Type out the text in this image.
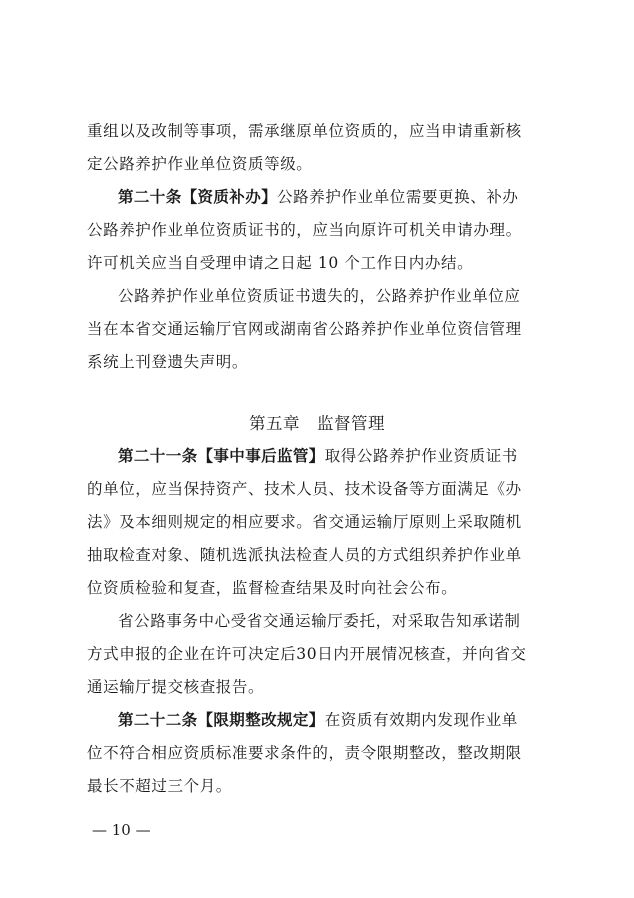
重组以及改制等事项，需承继原单位资质的，应当申请重新核
定公路养护作业单位资质等级。
第二十条【资质补办】公路养护作业单位需要更换、补办
公路养护作业单位资质证书的，应当向原许可机关申请办理。
许可机关应当自受理申请之日起 10 个工作日内办结。
公路养护作业单位资质证书遗失的，公路养护作业单位应
当在本省交通运输厅官网或湖南省公路养护作业单位资信管理
系统上刊登遗失声明。
第五章　监督管理
第二十一条【事中事后监管】取得公路养护作业资质证书
的单位，应当保持资产、技术人员、技术设备等方面满足《办
法》及本细则规定的相应要求。省交通运输厅原则上采取随机
抽取检查对象、随机选派执法检查人员的方式组织养护作业单
位资质检验和复查，监督检查结果及时向社会公布。
省公路事务中心受省交通运输厅委托，对采取告知承诺制
方式申报的企业在许可决定后30日内开展情况核查，并向省交
通运输厅提交核查报告。
第二十二条【限期整改规定】在资质有效期内发现作业单
位不符合相应资质标准要求条件的，责令限期整改，整改期限
最长不超过三个月。
— 10 —
